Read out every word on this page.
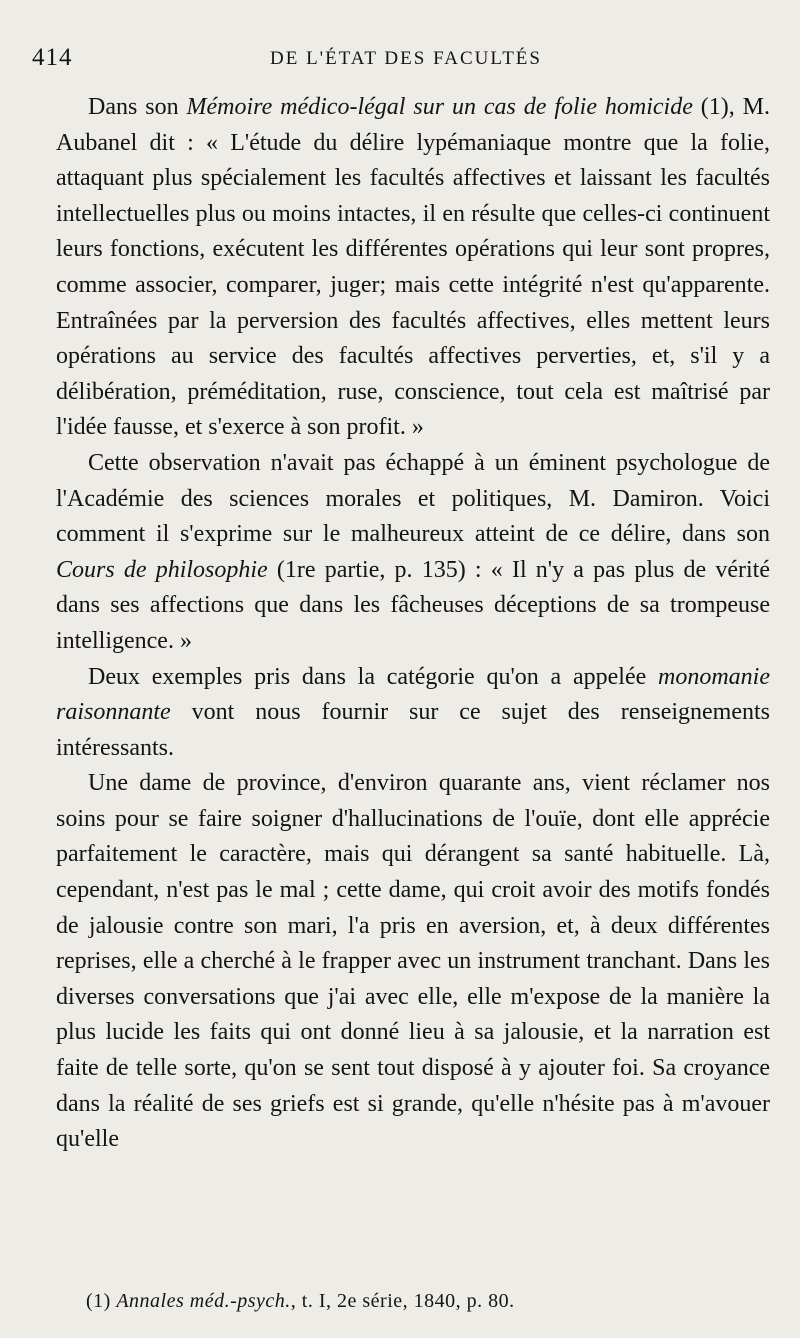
414	DE L'ÉTAT DES FACULTÉS

Dans son Mémoire médico-légal sur un cas de folie homicide (1), M. Aubanel dit : « L'étude du délire lypémaniaque montre que la folie, attaquant plus spécialement les facultés affectives et laissant les facultés intellectuelles plus ou moins intactes, il en résulte que celles-ci continuent leurs fonctions, exécutent les différentes opérations qui leur sont propres, comme associer, comparer, juger; mais cette intégrité n'est qu'apparente. Entraînées par la perversion des facultés affectives, elles mettent leurs opérations au service des facultés affectives perverties, et, s'il y a délibération, préméditation, ruse, conscience, tout cela est maîtrisé par l'idée fausse, et s'exerce à son profit. »

Cette observation n'avait pas échappé à un éminent psychologue de l'Académie des sciences morales et politiques, M. Damiron. Voici comment il s'exprime sur le malheureux atteint de ce délire, dans son Cours de philosophie (1re partie, p. 135) : « Il n'y a pas plus de vérité dans ses affections que dans les fâcheuses déceptions de sa trompeuse intelligence. »

Deux exemples pris dans la catégorie qu'on a appelée monomanie raisonnante vont nous fournir sur ce sujet des renseignements intéressants.

Une dame de province, d'environ quarante ans, vient réclamer nos soins pour se faire soigner d'hallucinations de l'ouïe, dont elle apprécie parfaitement le caractère, mais qui dérangent sa santé habituelle. Là, cependant, n'est pas le mal ; cette dame, qui croit avoir des motifs fondés de jalousie contre son mari, l'a pris en aversion, et, à deux différentes reprises, elle a cherché à le frapper avec un instrument tranchant. Dans les diverses conversations que j'ai avec elle, elle m'expose de la manière la plus lucide les faits qui ont donné lieu à sa jalousie, et la narration est faite de telle sorte, qu'on se sent tout disposé à y ajouter foi. Sa croyance dans la réalité de ses griefs est si grande, qu'elle n'hésite pas à m'avouer qu'elle

(1) Annales méd.-psych., t. I, 2e série, 1840, p. 80.
